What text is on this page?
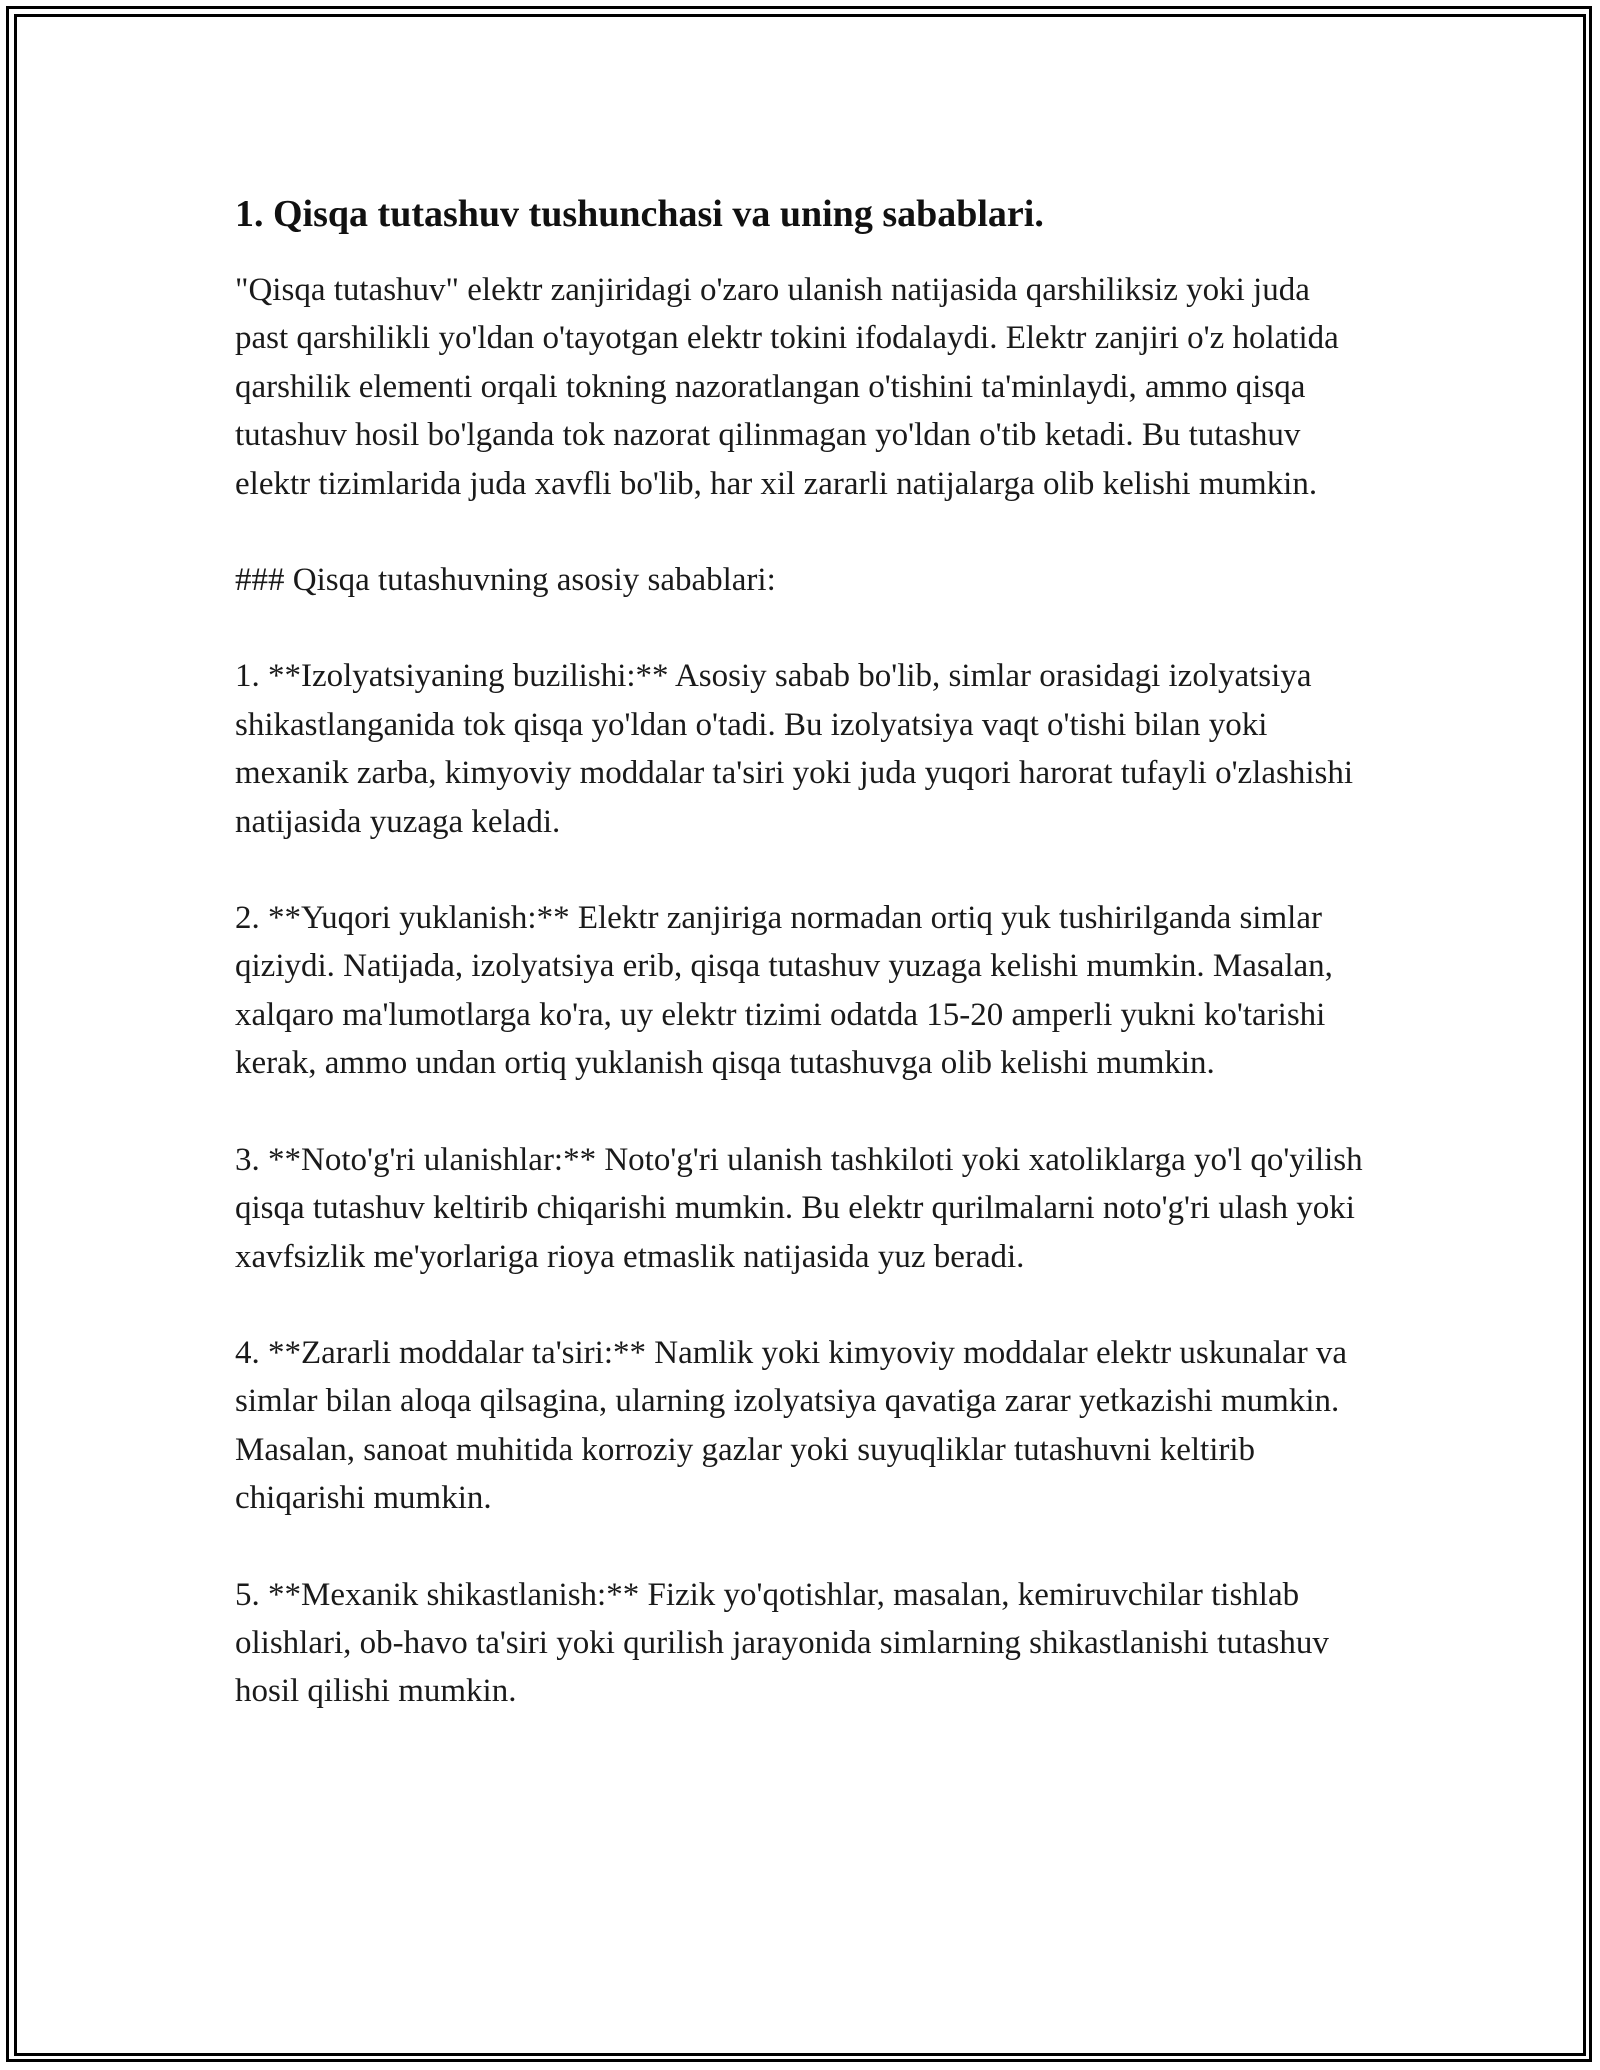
1. Qisqa tutashuv tushunchasi va uning sabablari.

"Qisqa tutashuv" elektr zanjiridagi o'zaro ulanish natijasida qarshiliksiz yoki juda past qarshilikli yo'ldan o'tayotgan elektr tokini ifodalaydi. Elektr zanjiri o'z holatida qarshilik elementi orqali tokning nazoratlangan o'tishini ta'minlaydi, ammo qisqa tutashuv hosil bo'lganda tok nazorat qilinmagan yo'ldan o'tib ketadi. Bu tutashuv elektr tizimlarida juda xavfli bo'lib, har xil zararli natijalarga olib kelishi mumkin.

### Qisqa tutashuvning asosiy sabablari:

1. **Izolyatsiyaning buzilishi:** Asosiy sabab bo'lib, simlar orasidagi izolyatsiya shikastlanganida tok qisqa yo'ldan o'tadi. Bu izolyatsiya vaqt o'tishi bilan yoki mexanik zarba, kimyoviy moddalar ta'siri yoki juda yuqori harorat tufayli o'zlashishi natijasida yuzaga keladi.

2. **Yuqori yuklanish:** Elektr zanjiriga normadan ortiq yuk tushirilganda simlar qiziydi. Natijada, izolyatsiya erib, qisqa tutashuv yuzaga kelishi mumkin. Masalan, xalqaro ma'lumotlarga ko'ra, uy elektr tizimi odatda 15-20 amperli yukni ko'tarishi kerak, ammo undan ortiq yuklanish qisqa tutashuvga olib kelishi mumkin.

3. **Noto'g'ri ulanishlar:** Noto'g'ri ulanish tashkiloti yoki xatoliklarga yo'l qo'yilish qisqa tutashuv keltirib chiqarishi mumkin. Bu elektr qurilmalarni noto'g'ri ulash yoki xavfsizlik me'yorlariga rioya etmaslik natijasida yuz beradi.

4. **Zararli moddalar ta'siri:** Namlik yoki kimyoviy moddalar elektr uskunalar va simlar bilan aloqa qilsagina, ularning izolyatsiya qavatiga zarar yetkazishi mumkin. Masalan, sanoat muhitida korroziy gazlar yoki suyuqliklar tutashuvni keltirib chiqarishi mumkin.

5. **Mexanik shikastlanish:** Fizik yo'qotishlar, masalan, kemiruvchilar tishlab olishlari, ob-havo ta'siri yoki qurilish jarayonida simlarning shikastlanishi tutashuv hosil qilishi mumkin.
